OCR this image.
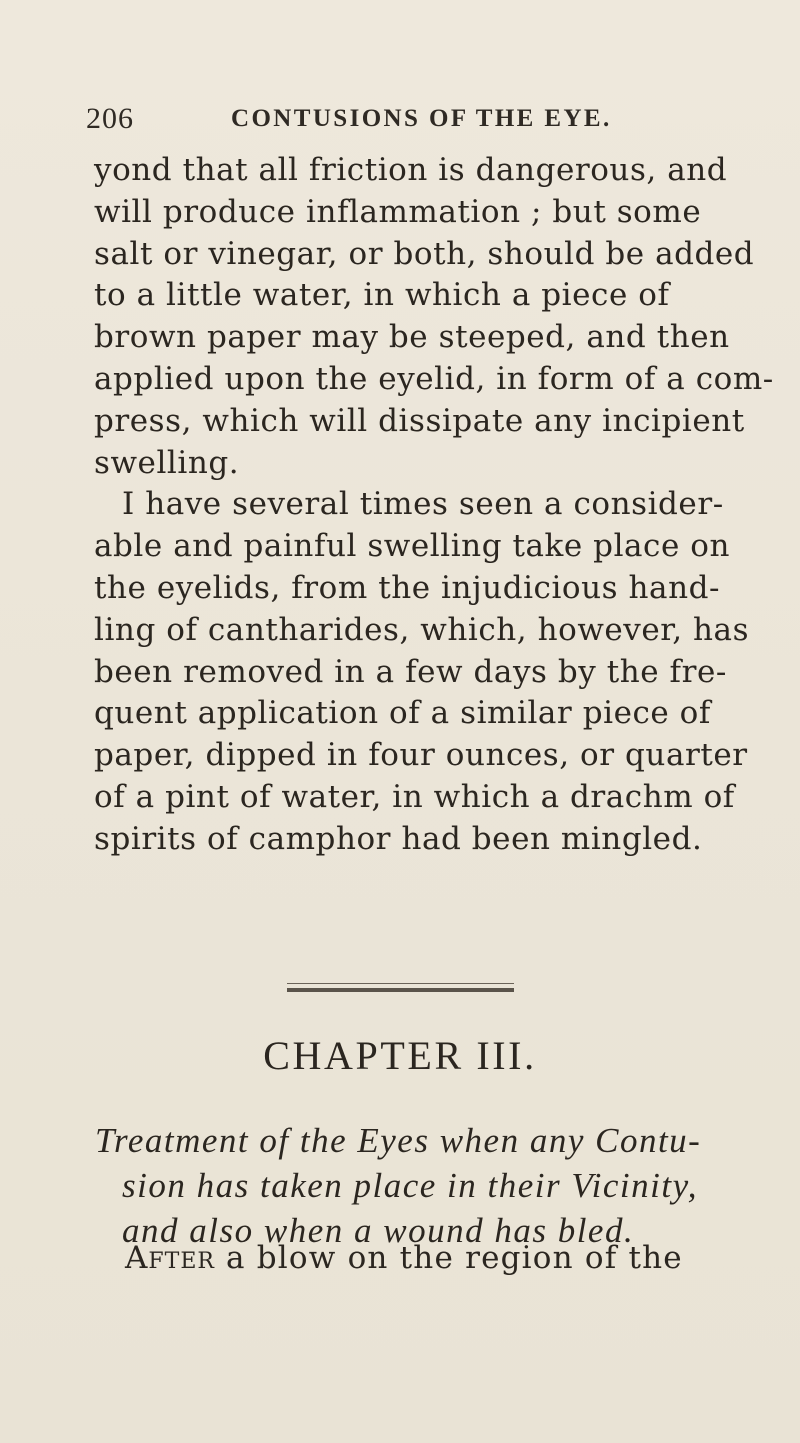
206	CONTUSIONS OF THE EYE.
yond that all friction is dangerous, and
will produce inflammation ; but some
salt or vinegar, or both, should be added
to a little water, in which a piece of
brown paper may be steeped, and then
applied upon the eyelid, in form of a com-
press, which will dissipate any incipient
swelling.
I have several times seen a consider-
able and painful swelling take place on
the eyelids, from the injudicious hand-
ling of cantharides, which, however, has
been removed in a few days by the fre-
quent application of a similar piece of
paper, dipped in four ounces, or quarter
of a pint of water, in which a drachm of
spirits of camphor had been mingled.
CHAPTER III.
Treatment of the Eyes when any Contu-
sion has taken place in their Vicinity,
and also when a wound has bled.
After a blow on the region of the
